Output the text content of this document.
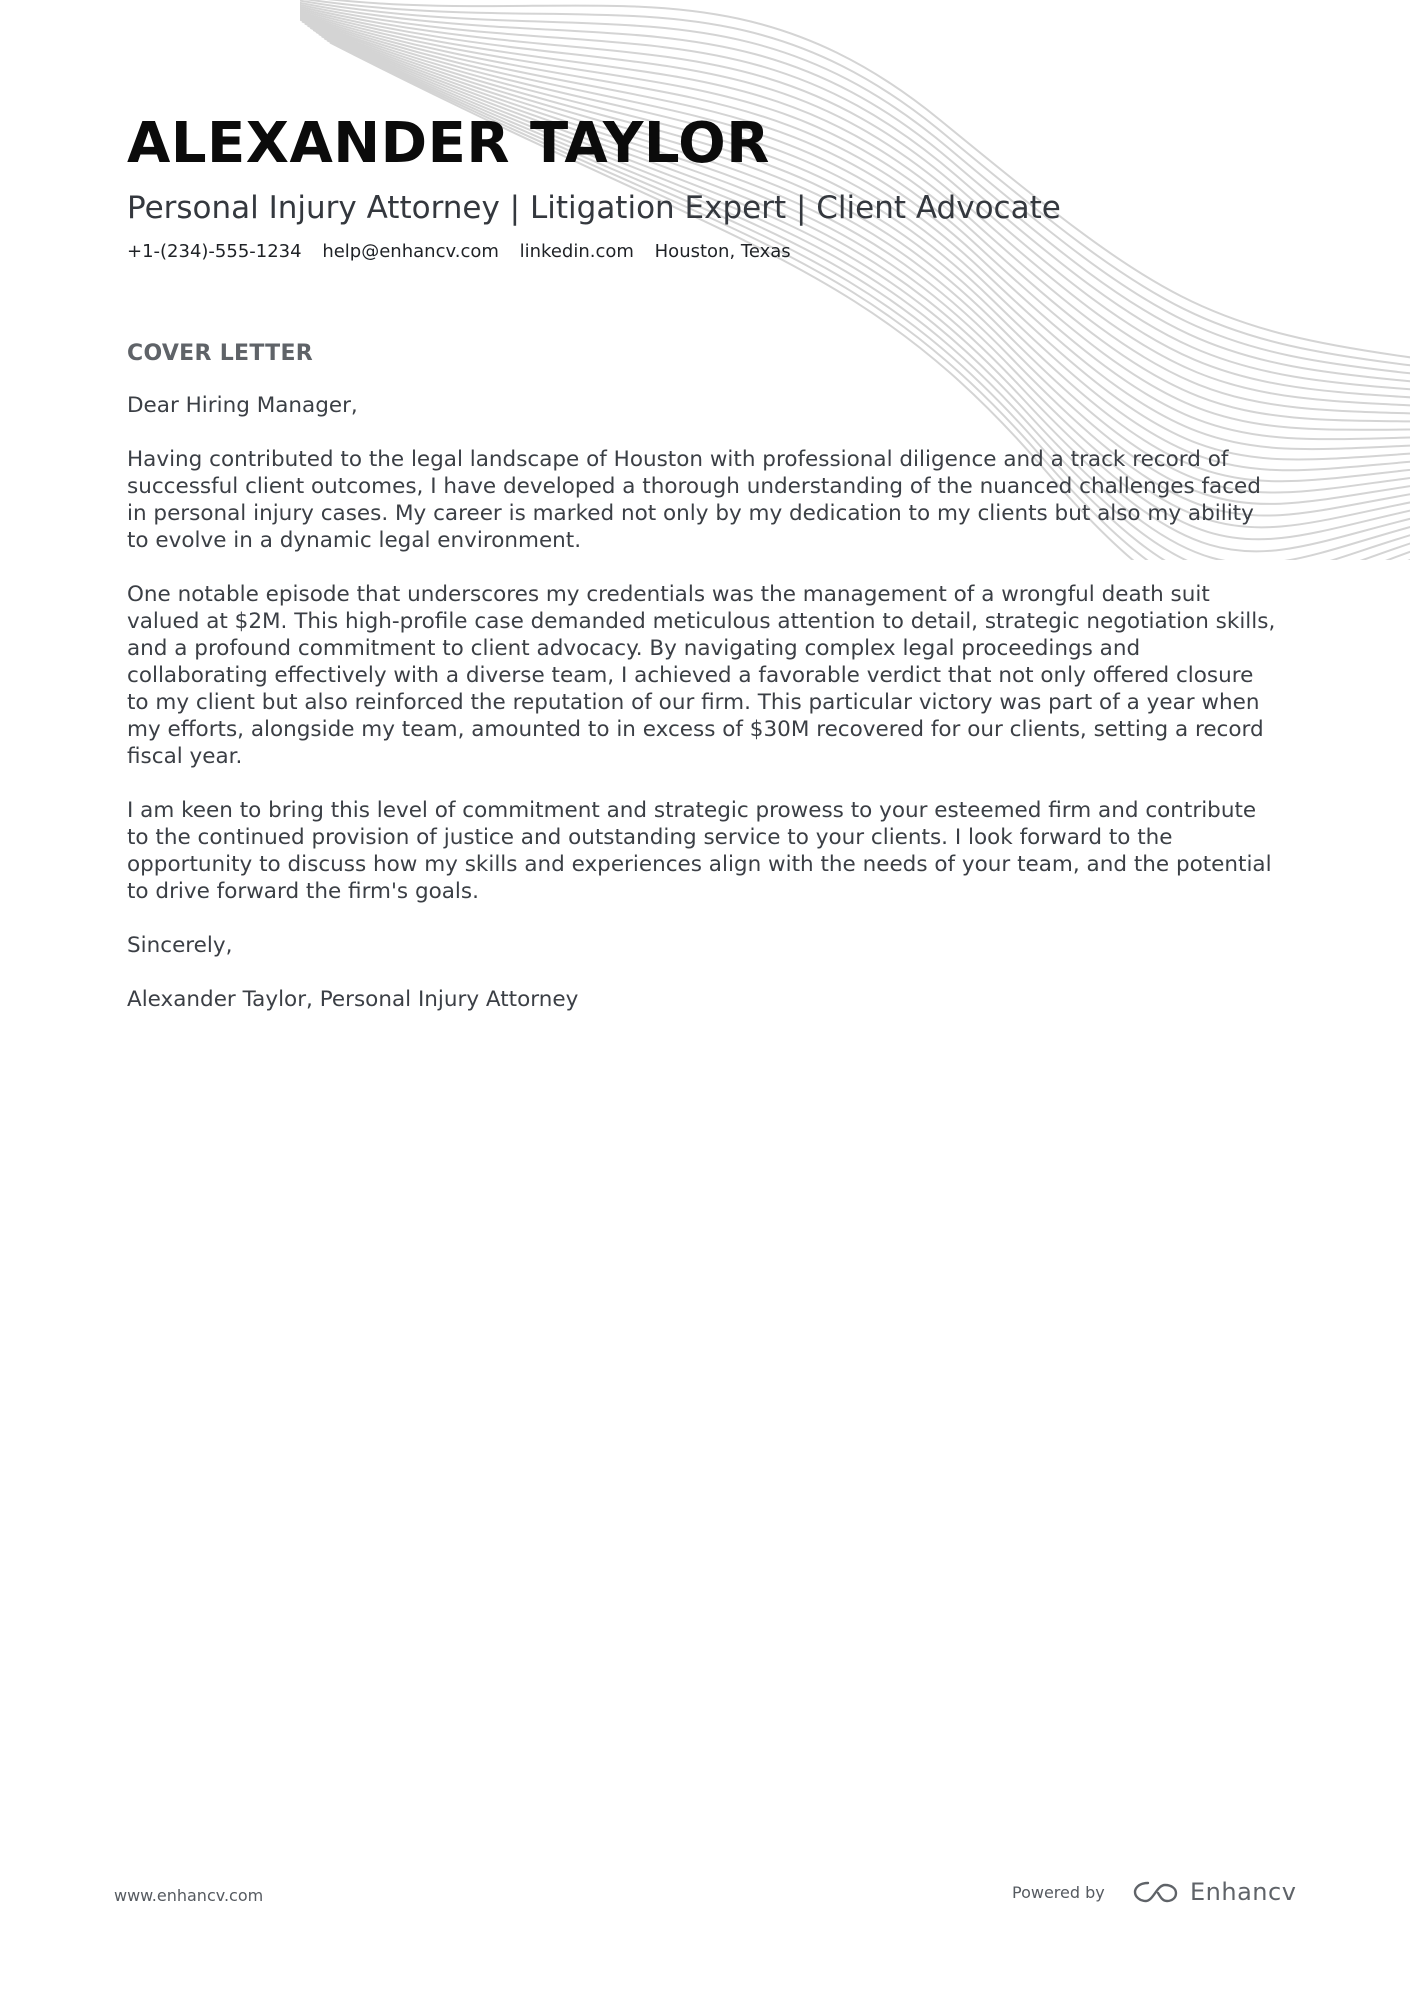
ALEXANDER TAYLOR
Personal Injury Attorney | Litigation Expert | Client Advocate
+1-(234)-555-1234 help@enhancv.com linkedin.com Houston, Texas
COVER LETTER

Dear Hiring Manager,

Having contributed to the legal landscape of Houston with professional diligence and a track record of successful client outcomes, I have developed a thorough understanding of the nuanced challenges faced in personal injury cases. My career is marked not only by my dedication to my clients but also my ability to evolve in a dynamic legal environment.

One notable episode that underscores my credentials was the management of a wrongful death suit valued at $2M. This high-profile case demanded meticulous attention to detail, strategic negotiation skills, and a profound commitment to client advocacy. By navigating complex legal proceedings and collaborating effectively with a diverse team, I achieved a favorable verdict that not only offered closure to my client but also reinforced the reputation of our firm. This particular victory was part of a year when my efforts, alongside my team, amounted to in excess of $30M recovered for our clients, setting a record fiscal year.

I am keen to bring this level of commitment and strategic prowess to your esteemed firm and contribute to the continued provision of justice and outstanding service to your clients. I look forward to the opportunity to discuss how my skills and experiences align with the needs of your team, and the potential to drive forward the firm's goals.

Sincerely,

Alexander Taylor, Personal Injury Attorney

www.enhancv.com	Powered by	Enhancv
